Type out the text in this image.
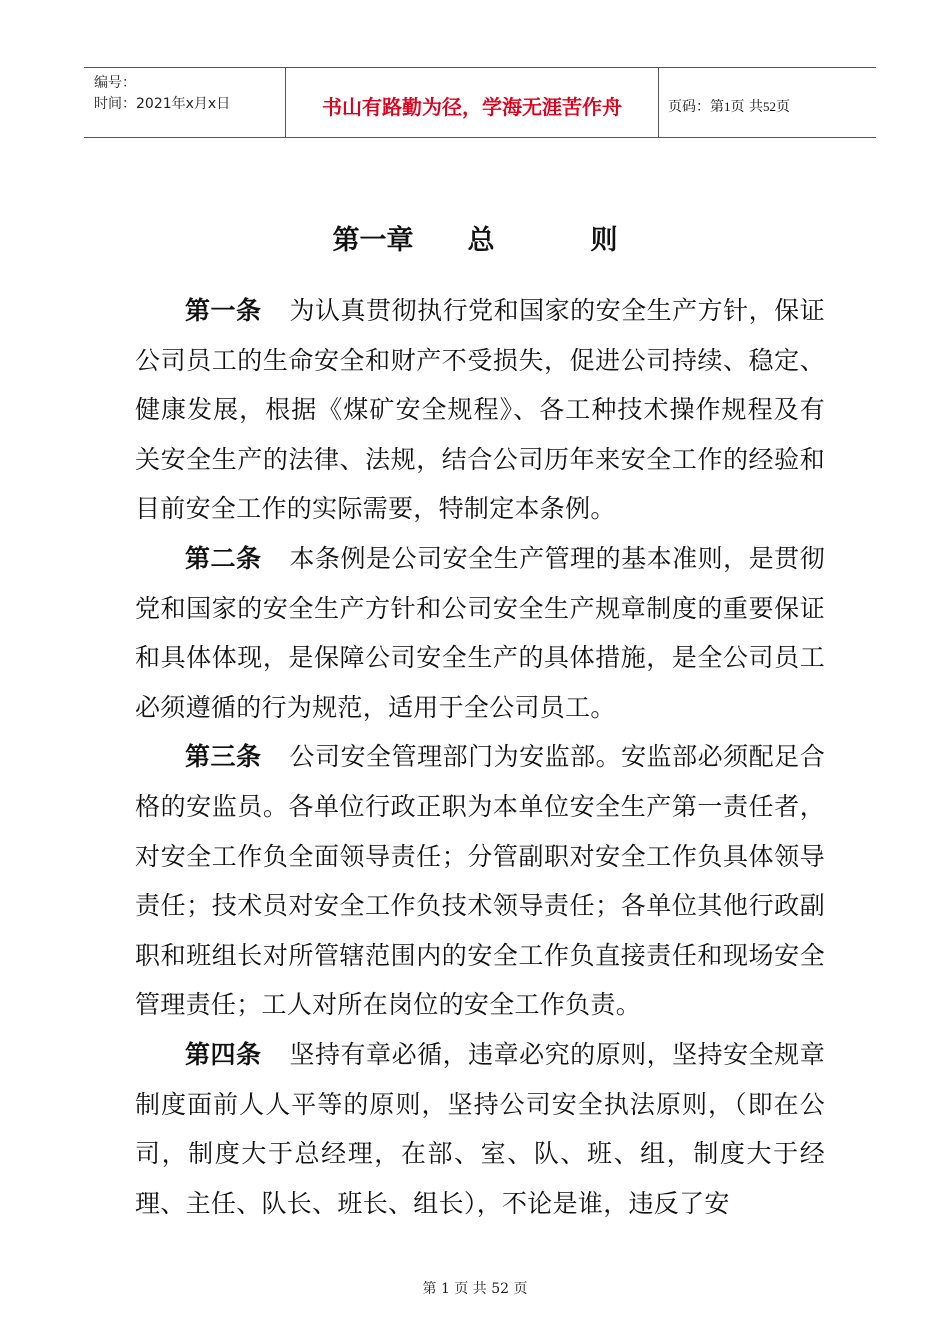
编号：
时间：2021年x月x日	书山有路勤为径，学海无涯苦作舟	页码：第1页 共52页
第一章 总	则

第一条 为认真贯彻执行党和国家的安全生产方针，保证公司员工的生命安全和财产不受损失，促进公司持续、稳定、健康发展，根据《煤矿安全规程》、各工种技术操作规程及有关安全生产的法律、法规，结合公司历年来安全工作的经验和目前安全工作的实际需要，特制定本条例。

第二条 本条例是公司安全生产管理的基本准则，是贯彻党和国家的安全生产方针和公司安全生产规章制度的重要保证和具体体现，是保障公司安全生产的具体措施，是全公司员工必须遵循的行为规范，适用于全公司员工。

第三条 公司安全管理部门为安监部。安监部必须配足合格的安监员。各单位行政正职为本单位安全生产第一责任者，对安全工作负全面领导责任；分管副职对安全工作负具体领导责任；技术员对安全工作负技术领导责任；各单位其他行政副职和班组长对所管辖范围内的安全工作负直接责任和现场安全管理责任；工人对所在岗位的安全工作负责。

第四条 坚持有章必循，违章必究的原则，坚持安全规章制度面前人人平等的原则，坚持公司安全执法原则，（即在公司，制度大于总经理，在部、室、队、班、组，制度大于经理、主任、队长、班长、组长），不论是谁，违反了安

第 1 页 共 52 页
